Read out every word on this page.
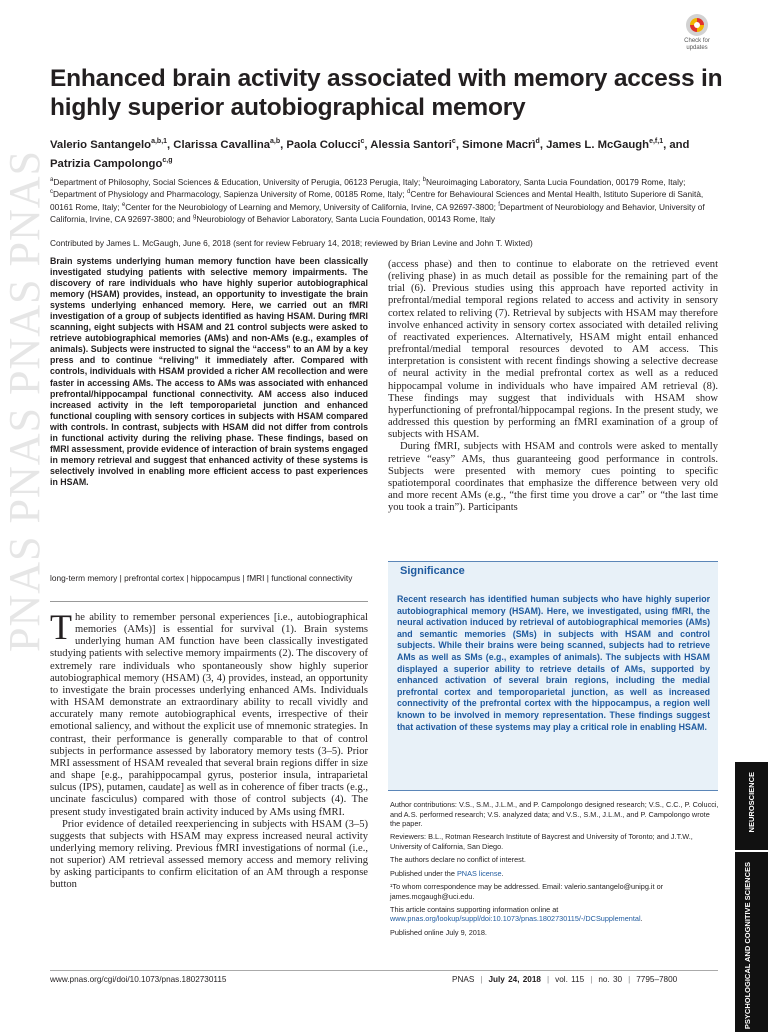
PNAS PNAS PNAS PNAS
Check for updates
Enhanced brain activity associated with memory access in highly superior autobiographical memory
Valerio Santangelo$^{a,b,1}$, Clarissa Cavallina$^{a,b}$, Paola Colucci$^c$, Alessia Santori$^c$, Simone Macrì$^d$, James L. McGaugh$^{e,f,1}$, and Patrizia Campolongo$^{c,g}$
$^a$Department of Philosophy, Social Sciences & Education, University of Perugia, 06123 Perugia, Italy; $^b$Neuroimaging Laboratory, Santa Lucia Foundation, 00179 Rome, Italy; $^c$Department of Physiology and Pharmacology, Sapienza University of Rome, 00185 Rome, Italy; $^d$Centre for Behavioural Sciences and Mental Health, Istituto Superiore di Sanità, 00161 Rome, Italy; $^e$Center for the Neurobiology of Learning and Memory, University of California, Irvine, CA 92697-3800; $^f$Department of Neurobiology and Behavior, University of California, Irvine, CA 92697-3800; and $^g$Neurobiology of Behavior Laboratory, Santa Lucia Foundation, 00143 Rome, Italy
Contributed by James L. McGaugh, June 6, 2018 (sent for review February 14, 2018; reviewed by Brian Levine and John T. Wixted)
Brain systems underlying human memory function have been classically investigated studying patients with selective memory impairments. The discovery of rare individuals who have highly superior autobiographical memory (HSAM) provides, instead, an opportunity to investigate the brain systems underlying enhanced memory. Here, we carried out an fMRI investigation of a group of subjects identified as having HSAM. During fMRI scanning, eight subjects with HSAM and 21 control subjects were asked to retrieve autobiographical memories (AMs) and non-AMs (e.g., examples of animals). Subjects were instructed to signal the “access” to an AM by a key press and to continue “reliving” it immediately after. Compared with controls, individuals with HSAM provided a richer AM recollection and were faster in accessing AMs. The access to AMs was associated with enhanced prefrontal/hippocampal functional connectivity. AM access also induced increased activity in the left temporoparietal junction and enhanced functional coupling with sensory cortices in subjects with HSAM compared with controls. In contrast, subjects with HSAM did not differ from controls in functional activity during the reliving phase. These findings, based on fMRI assessment, provide evidence of interaction of brain systems engaged in memory retrieval and suggest that enhanced activity of these systems is selectively involved in enabling more efficient access to past experiences in HSAM.
long-term memory | prefrontal cortex | hippocampus | fMRI | functional connectivity
T he ability to remember personal experiences [i.e., autobiographical memories (AMs)] is essential for survival (1). Brain systems underlying human AM function have been classically investigated studying patients with selective memory impairments (2). The discovery of extremely rare individuals who spontaneously show highly superior autobiographical memory (HSAM) (3, 4) provides, instead, an opportunity to investigate the brain processes underlying enhanced AMs. Individuals with HSAM demonstrate an extraordinary ability to recall vividly and accurately many remote autobiographical events, irrespective of their emotional saliency, and without the explicit use of mnemonic strategies. In contrast, their performance is generally comparable to that of control subjects in performance assessed by laboratory memory tests (3–5). Prior MRI assessment of HSAM revealed that several brain regions differ in size and shape [e.g., parahippocampal gyrus, posterior insula, intraparietal sulcus (IPS), putamen, caudate] as well as in coherence of fiber tracts (e.g., uncinate fasciculus) compared with those of control subjects (4). The present study investigated brain activity induced by AMs using fMRI.
Prior evidence of detailed reexperiencing in subjects with HSAM (3–5) suggests that subjects with HSAM may express increased neural activity underlying memory reliving. Previous fMRI investigations of normal (i.e., not superior) AM retrieval assessed memory access and memory reliving by asking participants to confirm elicitation of an AM through a response button
(access phase) and then to continue to elaborate on the retrieved event (reliving phase) in as much detail as possible for the remaining part of the trial (6). Previous studies using this approach have reported activity in prefrontal/medial temporal regions related to access and activity in sensory cortex related to reliving (7). Retrieval by subjects with HSAM may therefore involve enhanced activity in sensory cortex associated with detailed reliving of reactivated experiences. Alternatively, HSAM might entail enhanced prefrontal/medial temporal resources devoted to AM access. This interpretation is consistent with recent findings showing a selective decrease of neural activity in the medial prefrontal cortex as well as a reduced hippocampal volume in individuals who have impaired AM retrieval (8). These findings may suggest that individuals with HSAM show hyperfunctioning of prefrontal/hippocampal regions. In the present study, we addressed this question by performing an fMRI examination of a group of subjects with HSAM.
During fMRI, subjects with HSAM and controls were asked to mentally retrieve “easy” AMs, thus guaranteeing good performance in controls. Subjects were presented with memory cues pointing to specific spatiotemporal coordinates that emphasize the difference between very old and more recent AMs (e.g., “the first time you drove a car” or “the last time you took a train”). Participants
Significance
Recent research has identified human subjects who have highly superior autobiographical memory (HSAM). Here, we investigated, using fMRI, the neural activation induced by retrieval of autobiographical memories (AMs) and semantic memories (SMs) in subjects with HSAM and control subjects. While their brains were being scanned, subjects had to retrieve AMs as well as SMs (e.g., examples of animals). The subjects with HSAM displayed a superior ability to retrieve details of AMs, supported by enhanced activation of several brain regions, including the medial prefrontal cortex and temporoparietal junction, as well as increased connectivity of the prefrontal cortex with the hippocampus, a region well known to be involved in memory representation. These findings suggest that activation of these systems may play a critical role in enabling HSAM.

Author contributions: V.S., S.M., J.L.M., and P. Campolongo designed research; V.S., C.C., P. Colucci, and A.S. performed research; V.S. analyzed data; and V.S., S.M., J.L.M., and P. Campolongo wrote the paper.

Reviewers: B.L., Rotman Research Institute of Baycrest and University of Toronto; and J.T.W., University of California, San Diego.

The authors declare no conflict of interest.

Published under the PNAS license.

¹To whom correspondence may be addressed. Email: valerio.santangelo@unipg.it or james.mcgaugh@uci.edu.

This article contains supporting information online at www.pnas.org/lookup/suppl/doi:10.1073/pnas.1802730115/-/DCSupplemental.

Published online July 9, 2018.

NEUROSCIENCE
PSYCHOLOGICAL AND COGNITIVE SCIENCES
www.pnas.org/cgi/doi/10.1073/pnas.1802730115	PNAS | July 24, 2018 | vol. 115 | no. 30 | 7795–7800
